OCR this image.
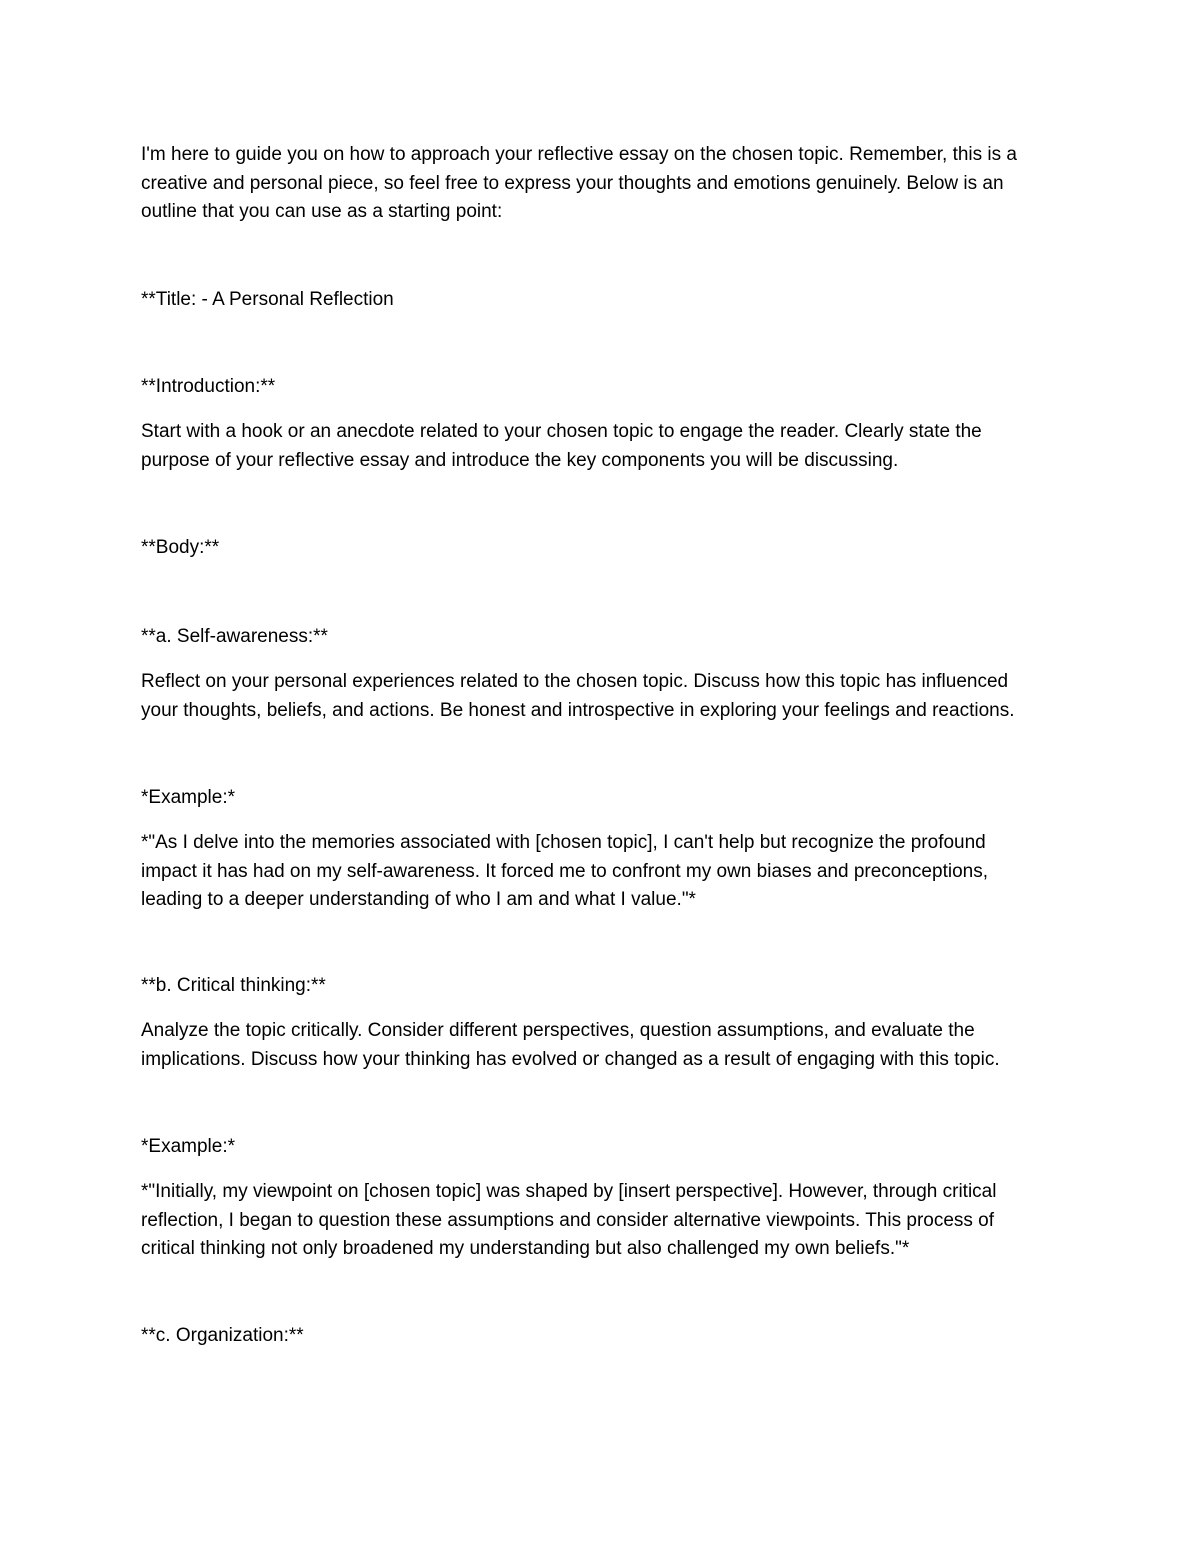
I'm here to guide you on how to approach your reflective essay on the chosen topic. Remember, this is a
creative and personal piece, so feel free to express your thoughts and emotions genuinely. Below is an
outline that you can use as a starting point:

**Title: - A Personal Reflection

**Introduction:**

Start with a hook or an anecdote related to your chosen topic to engage the reader. Clearly state the
purpose of your reflective essay and introduce the key components you will be discussing.

**Body:**

**a. Self-awareness:**

Reflect on your personal experiences related to the chosen topic. Discuss how this topic has influenced
your thoughts, beliefs, and actions. Be honest and introspective in exploring your feelings and reactions.

*Example:*

*"As I delve into the memories associated with [chosen topic], I can't help but recognize the profound
impact it has had on my self-awareness. It forced me to confront my own biases and preconceptions,
leading to a deeper understanding of who I am and what I value."*

**b. Critical thinking:**

Analyze the topic critically. Consider different perspectives, question assumptions, and evaluate the
implications. Discuss how your thinking has evolved or changed as a result of engaging with this topic.

*Example:*

*"Initially, my viewpoint on [chosen topic] was shaped by [insert perspective]. However, through critical
reflection, I began to question these assumptions and consider alternative viewpoints. This process of
critical thinking not only broadened my understanding but also challenged my own beliefs."*

**c. Organization:**
